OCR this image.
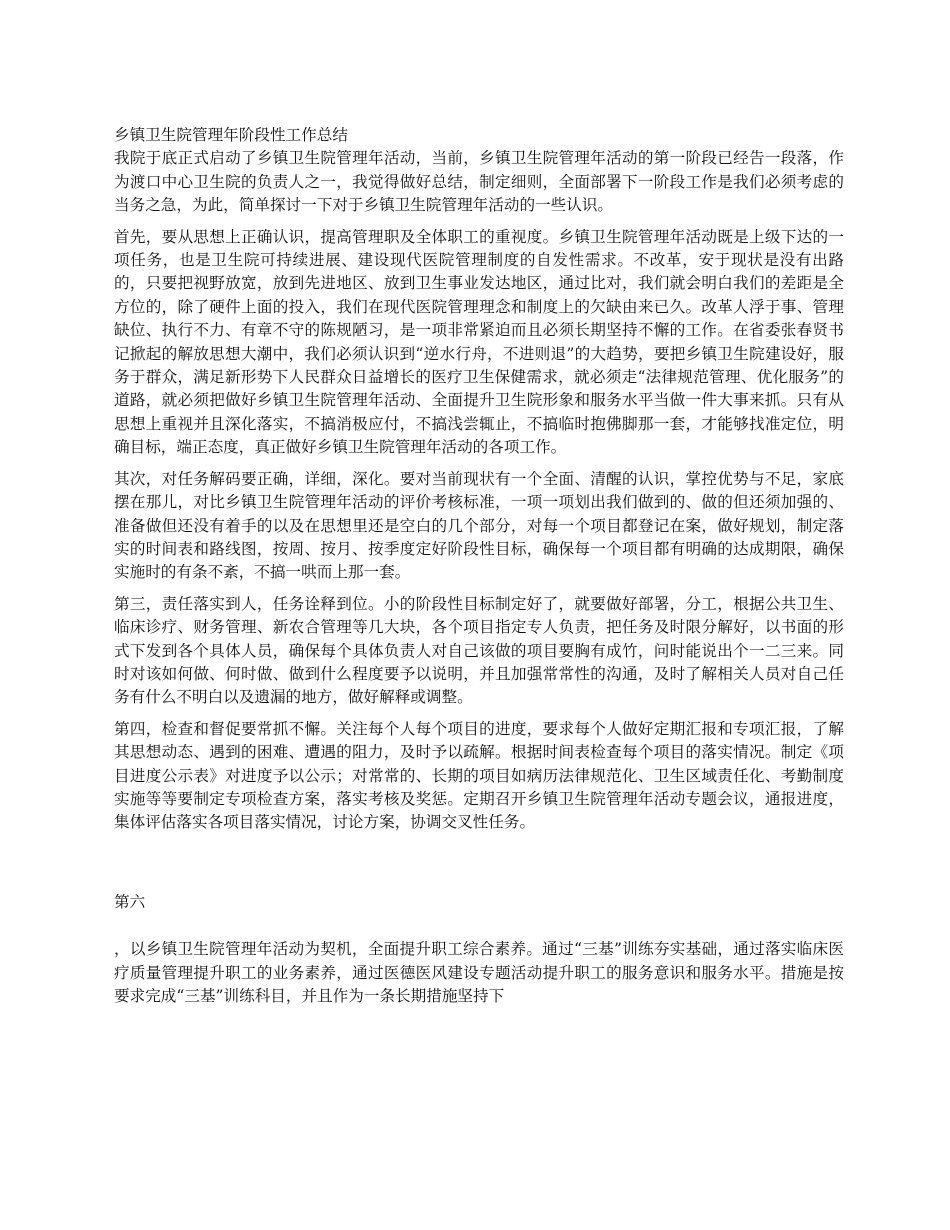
乡镇卫生院管理年阶段性工作总结

我院于底正式启动了乡镇卫生院管理年活动，当前，乡镇卫生院管理年活动的第一阶段已经告一段落，作为渡口中心卫生院的负责人之一，我觉得做好总结，制定细则，全面部署下一阶段工作是我们必须考虑的当务之急，为此，简单探讨一下对于乡镇卫生院管理年活动的一些认识。

首先，要从思想上正确认识，提高管理职及全体职工的重视度。乡镇卫生院管理年活动既是上级下达的一项任务，也是卫生院可持续进展、建设现代医院管理制度的自发性需求。不改革，安于现状是没有出路的，只要把视野放宽，放到先进地区、放到卫生事业发达地区，通过比对，我们就会明白我们的差距是全方位的，除了硬件上面的投入，我们在现代医院管理理念和制度上的欠缺由来已久。改革人浮于事、管理缺位、执行不力、有章不守的陈规陋习，是一项非常紧迫而且必须长期坚持不懈的工作。在省委张春贤书记掀起的解放思想大潮中，我们必须认识到“逆水行舟，不进则退”的大趋势，要把乡镇卫生院建设好，服务于群众，满足新形势下人民群众日益增长的医疗卫生保健需求，就必须走“法律规范管理、优化服务”的道路，就必须把做好乡镇卫生院管理年活动、全面提升卫生院形象和服务水平当做一件大事来抓。只有从思想上重视并且深化落实，不搞消极应付，不搞浅尝辄止，不搞临时抱佛脚那一套，才能够找准定位，明确目标，端正态度，真正做好乡镇卫生院管理年活动的各项工作。

其次，对任务解码要正确，详细，深化。要对当前现状有一个全面、清醒的认识，掌控优势与不足，家底摆在那儿，对比乡镇卫生院管理年活动的评价考核标准，一项一项划出我们做到的、做的但还须加强的、准备做但还没有着手的以及在思想里还是空白的几个部分，对每一个项目都登记在案，做好规划，制定落实的时间表和路线图，按周、按月、按季度定好阶段性目标，确保每一个项目都有明确的达成期限，确保实施时的有条不紊，不搞一哄而上那一套。

第三，责任落实到人，任务诠释到位。小的阶段性目标制定好了，就要做好部署，分工，根据公共卫生、临床诊疗、财务管理、新农合管理等几大块，各个项目指定专人负责，把任务及时限分解好，以书面的形式下发到各个具体人员，确保每个具体负责人对自己该做的项目要胸有成竹，问时能说出个一二三来。同时对该如何做、何时做、做到什么程度要予以说明，并且加强常常性的沟通，及时了解相关人员对自己任务有什么不明白以及遗漏的地方，做好解释或调整。

第四，检查和督促要常抓不懈。关注每个人每个项目的进度，要求每个人做好定期汇报和专项汇报，了解其思想动态、遇到的困难、遭遇的阻力，及时予以疏解。根据时间表检查每个项目的落实情况。制定《项目进度公示表》对进度予以公示；对常常的、长期的项目如病历法律规范化、卫生区域责任化、考勤制度实施等等要制定专项检查方案，落实考核及奖惩。定期召开乡镇卫生院管理年活动专题会议，通报进度，集体评估落实各项目落实情况，讨论方案，协调交叉性任务。

第六

，以乡镇卫生院管理年活动为契机，全面提升职工综合素养。通过“三基”训练夯实基础，通过落实临床医疗质量管理提升职工的业务素养，通过医德医风建设专题活动提升职工的服务意识和服务水平。措施是按要求完成“三基”训练科目，并且作为一条长期措施坚持下
